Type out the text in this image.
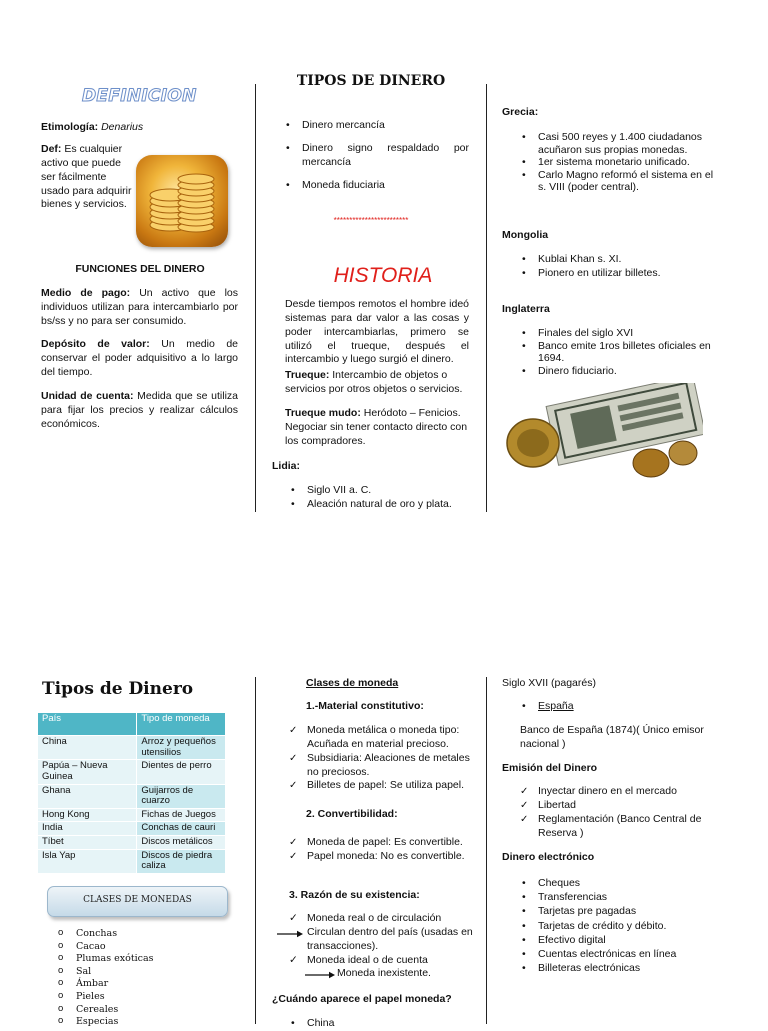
DEFINICION

Etimología: Denarius

Def: Es cualquier activo que puede ser fácilmente usado para adquirir bienes y servicios.

FUNCIONES DEL DINERO

Medio de pago: Un activo que los individuos utilizan para intercambiarlo por bs/ss y no para ser consumido.

Depósito de valor: Un medio de conservar el poder adquisitivo a lo largo del tiempo.

Unidad de cuenta: Medida que se utiliza para fijar los precios y realizar cálculos económicos.

TIPOS DE DINERO
• Dinero mercancía
• Dinero signo respaldado por mercancía
• Moneda fiduciaria
************************
HISTORIA

Desde tiempos remotos el hombre ideó sistemas para dar valor a las cosas y poder intercambiarlas, primero se utilizó el trueque, después el intercambio y luego surgió el dinero.

Trueque: Intercambio de objetos o servicios por otros objetos o servicios.

Trueque mudo: Heródoto – Fenicios. Negociar sin tener contacto directo con los compradores.

Lidia:

• Siglo VII a. C.
• Aleación natural de oro y plata.

Grecia:

• Casi 500 reyes y 1.400 ciudadanos acuñaron sus propias monedas.
• 1er sistema monetario unificado.
• Carlo Magno reformó el sistema en el s. VIII (poder central).

Mongolia

• Kublai Khan s. XI.
• Pionero en utilizar billetes.

Inglaterra

• Finales del siglo XVI
• Banco emite 1ros billetes oficiales en 1694.
• Dinero fiduciario.
Tipos de Dinero
País	Tipo de moneda
China	Arroz y pequeños utensilios
Papúa – Nueva Guinea	Dientes de perro
Ghana	Guijarros de cuarzo
Hong Kong	Fichas de Juegos
India	Conchas de cauri
Tíbet	Discos metálicos
Isla Yap	Discos de piedra caliza
CLASES DE MONEDAS
o Conchas
o Cacao
o Plumas exóticas
o Sal
o Ámbar
o Pieles
o Cereales
o Especias

Clases de moneda

1.-Material constitutivo:

✓ Moneda metálica o moneda tipo: Acuñada en material precioso.
✓ Subsidiaria: Aleaciones de metales no preciosos.
✓ Billetes de papel: Se utiliza papel.

2. Convertibilidad:

✓ Moneda de papel: Es convertible.
✓ Papel moneda: No es convertible.

3. Razón de su existencia:

✓ Moneda real o de circulación
Circulan dentro del país (usadas en transacciones).
✓ Moneda ideal o de cuenta
Moneda inexistente.

¿Cuándo aparece el papel moneda?

• China

Siglo XVII (pagarés)

• España

Banco de España (1874)( Único emisor nacional )

Emisión del Dinero

✓ Inyectar dinero en el mercado
✓ Libertad
✓ Reglamentación (Banco Central de Reserva )

Dinero electrónico

• Cheques
• Transferencias
• Tarjetas pre pagadas
• Tarjetas de crédito y débito.
• Efectivo digital
• Cuentas electrónicas en línea
• Billeteras electrónicas
